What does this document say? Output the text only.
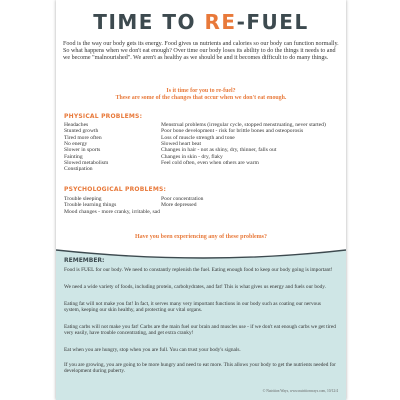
TIME TO RE-FUEL
Food is the way our body gets its energy. Food gives us nutrients and calories so our body can function normally. So what happens when we don't eat enough? Over time our body loses its ability to do the things it needs to and we become "malnourished". We aren't as healthy as we should be and it becomes difficult to do many things.
Is it time for you to re-fuel?
These are some of the changes that occur when we don't eat enough.
PHYSICAL PROBLEMS:
Headaches
Stunted growth
Tired more often
No energy
Slower in sports
Fainting
Slowed metabolism
Constipation
Menstrual problems (irregular cycle, stopped menstruating, never started)
Poor bone development - risk for brittle bones and osteoporosis
Loss of muscle strength and tone
Slowed heart beat
Changes in hair - not as shiny, dry, thinner, falls out
Changes in skin - dry, flaky
Feel cold often, even when others are warm
PSYCHOLOGICAL PROBLEMS:
Trouble sleeping
Trouble learning things
Mood changes - more cranky, irritable, sad
Poor concentration
More depressed
Have you been experiencing any of these problems?
REMEMBER:
Food is FUEL for our body. We need to constantly replenish the fuel. Eating enough food to keep our body going is important!
We need a wide variety of foods, including protein, carbohydrates, and fat! This is what gives us energy and fuels our body.
Eating fat will not make you fat! In fact, it serves many very important functions in our body such as coating our nervous system, keeping our skin healthy, and protecting our vital organs.
Eating carbs will not make you fat! Carbs are the main fuel our brain and muscles use - if we don't eat enough carbs we get tired very easily, have trouble concentrating, and get extra cranky!
Eat when you are hungry, stop when you are full. You can trust your body's signals.
If you are growing, you are going to be more hungry and need to eat more. This allows your body to get the nutrients needed for development during puberty.
© Nutrition Ways, www.nutritionways.com, 10/12/4
